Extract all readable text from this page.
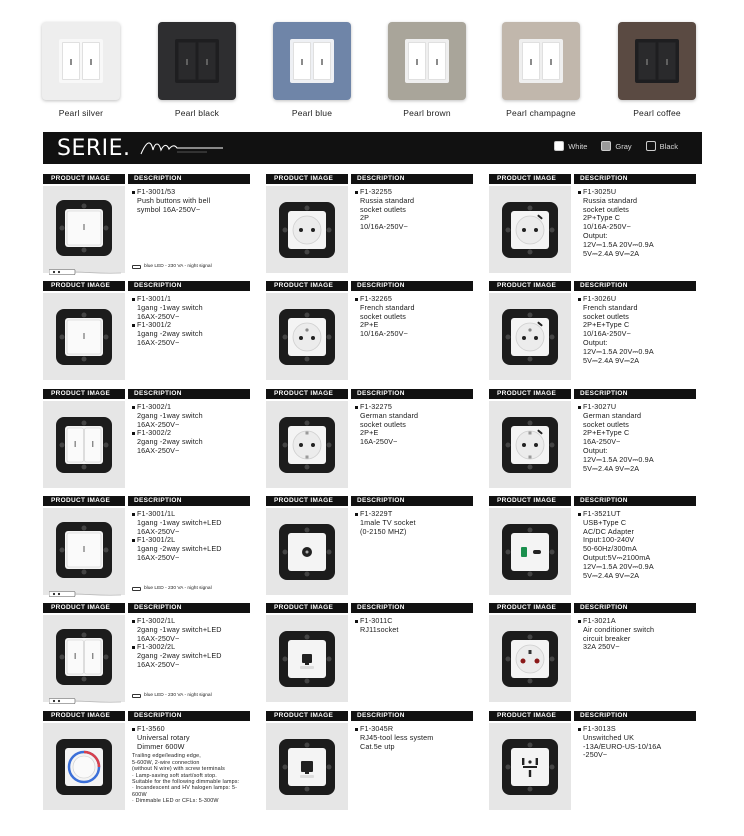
Pearl silver	Pearl black	Pearl blue	Pearl brown	Pearl champagne	Pearl coffee
SERIE.	White	Gray	Black
PRODUCT IMAGE	DESCRIPTION
F1-3001/53
Push buttons with bell
symbol 16A-250V~
blue LED - 230 VA - night signal
PRODUCT IMAGE	DESCRIPTION
F1-32255
Russia standard
socket outlets
2P
10/16A-250V~
PRODUCT IMAGE	DESCRIPTION
F1-3025U
Russia standard
socket outlets
2P+Type C
10/16A-250V~
Output:
12V⎓1.5A 20V⎓0.9A
5V⎓2.4A 9V⎓2A
PRODUCT IMAGE	DESCRIPTION
F1-3001/1
1gang -1way switch
16AX-250V~
F1-3001/2
1gang -2way switch
16AX-250V~
PRODUCT IMAGE	DESCRIPTION
F1-32265
French standard
socket outlets
2P+E
10/16A-250V~
PRODUCT IMAGE	DESCRIPTION
F1-3026U
French standard
socket outlets
2P+E+Type C
10/16A-250V~
Output:
12V⎓1.5A 20V⎓0.9A
5V⎓2.4A 9V⎓2A
PRODUCT IMAGE	DESCRIPTION
F1-3002/1
2gang -1way switch
16AX-250V~
F1-3002/2
2gang -2way switch
16AX-250V~
PRODUCT IMAGE	DESCRIPTION
F1-32275
German standard
socket outlets
2P+E
16A-250V~
PRODUCT IMAGE	DESCRIPTION
F1-3027U
German standard
socket outlets
2P+E+Type C
16A-250V~
Output:
12V⎓1.5A 20V⎓0.9A
5V⎓2.4A 9V⎓2A
PRODUCT IMAGE	DESCRIPTION
F1-3001/1L
1gang -1way switch+LED
16AX-250V~
F1-3001/2L
1gang -2way switch+LED
16AX-250V~
blue LED - 230 VA - night signal
PRODUCT IMAGE	DESCRIPTION
F1-3229T
1male TV socket
(0-2150 MHZ)
PRODUCT IMAGE	DESCRIPTION
F1-3521UT
USB+Type C
AC/DC Adapter
Input:100-240V
50-60Hz/300mA
Output:5V⎓2100mA
12V⎓1.5A 20V⎓0.9A
5V⎓2.4A 9V⎓2A
PRODUCT IMAGE	DESCRIPTION
F1-3002/1L
2gang -1way switch+LED
16AX-250V~
F1-3002/2L
2gang -2way switch+LED
16AX-250V~
blue LED - 230 VA - night signal
PRODUCT IMAGE	DESCRIPTION
F1-3011C
RJ11socket
PRODUCT IMAGE	DESCRIPTION
F1-3021A
Air conditioner switch
circuit breaker
32A 250V~
PRODUCT IMAGE	DESCRIPTION
F1-3560
Universal rotary
Dimmer 600W
Trailing edge/leading edge,
5-600W, 2-wire connection
(without N wire) with screw terminals
· Lamp-saving soft start/soft stop.
Suitable for the following dimmable lamps:
· Incandescent and HV halogen lamps: 5-600W
· Dimmable LED or CFLs: 5-300W
PRODUCT IMAGE	DESCRIPTION
F1-3045R
RJ45-tool less system
Cat.5e utp
PRODUCT IMAGE	DESCRIPTION
F1-3013S
Unswitched UK
-13A/EURO-US-10/16A
-250V~
